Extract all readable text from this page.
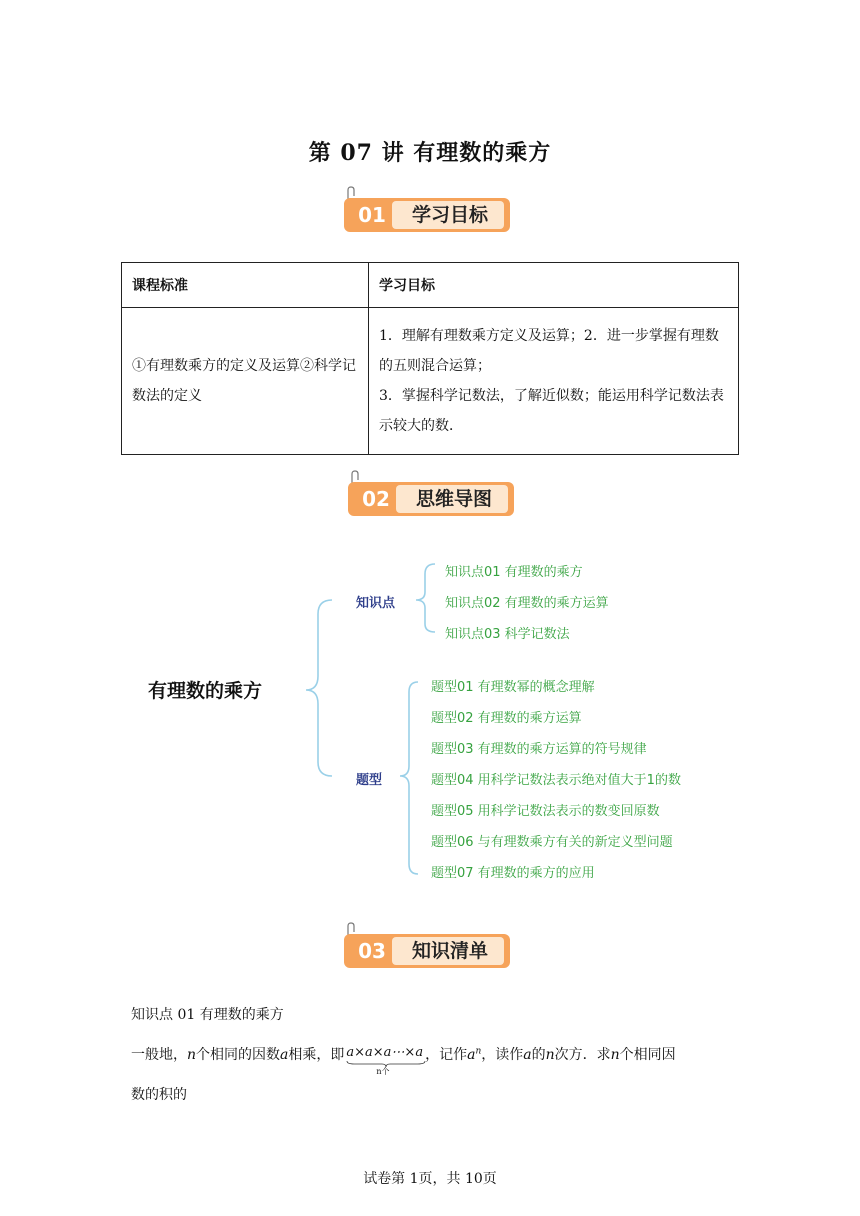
第 07 讲 有理数的乘方
01	学习目标
课程标准	学习目标
①有理数乘方的定义及运算②科学记数法的定义	1．理解有理数乘方定义及运算；2．进一步掌握有理数的五则混合运算；
3．掌握科学记数法，了解近似数；能运用科学记数法表示较大的数．
02	思维导图
有理数的乘方
知识点
题型
知识点01 有理数的乘方
知识点02 有理数的乘方运算
知识点03 科学记数法
题型01 有理数幂的概念理解
题型02 有理数的乘方运算
题型03 有理数的乘方运算的符号规律
题型04 用科学记数法表示绝对值大于1的数
题型05 用科学记数法表示的数变回原数
题型06 与有理数乘方有关的新定义型问题
题型07 有理数的乘方的应用
03	知识清单
知识点 01 有理数的乘方
一般地，n个相同的因数a相乘，即 a×a×a⋯×a
n个
，记作$a^n$，读作a的n次方．求n个相同因
数的积的
试卷第 1页，共 10页
